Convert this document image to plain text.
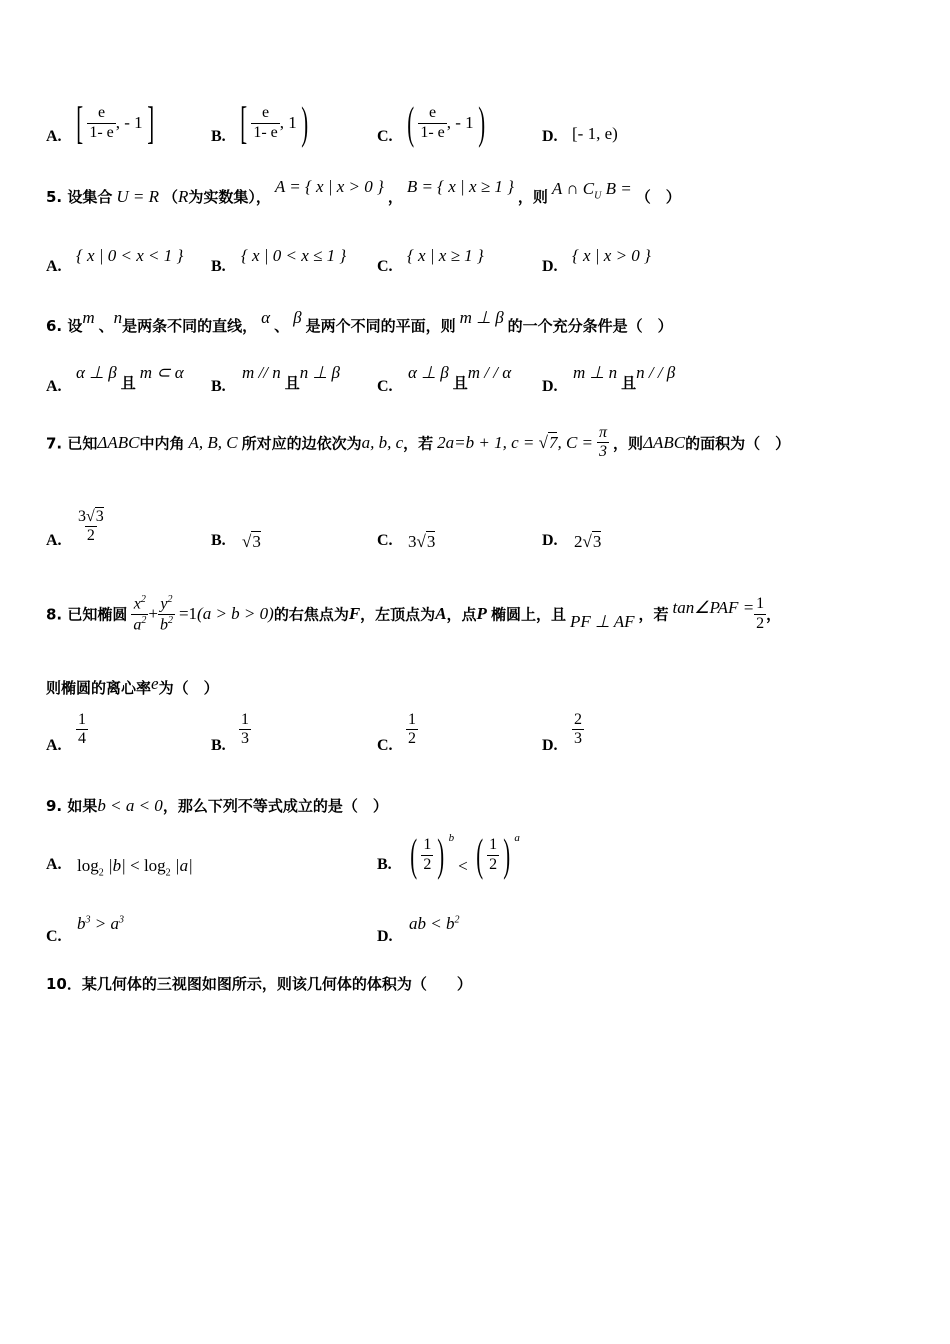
A. [ $\frac{e}{1- e}$ , - 1 ]	B. [ $\frac{e}{1- e}$ , 1 )	C. ( $\frac{e}{1- e}$ , - 1 )	D. [- 1, e)
5. 设集合 U = R （R为实数集）， A = { x | x > 0 } ， B = { x | x ≥ 1 } ，则 A ∩ $C_U$ B = （　）
A.
{ x | 0 < x < 1 }
B.
{ x | 0 < x ≤ 1 }
C.
{ x | x ≥ 1 }
D.
{ x | x > 0 }
6. 设m 、n是两条不同的直线， α 、 β 是两个不同的平面，则 m ⊥ β 的一个充分条件是（　）
A.
α ⊥ β 且 m ⊂ α
B.
m // n 且n ⊥ β
C.
α ⊥ β 且m / / α
D.
m ⊥ n 且n / / β
7. 已知ΔABC中内角 A, B, C 所对应的边依次为a, b, c，若 2a=b + 1, c = √7, $C = \frac{\pi}{3}$ ，则ΔABC的面积为（　）
A. $\frac{3√3}{2}$	B. √3	C. 3√3	D. 2√3
8. 已知椭圆 $\frac{x^2}{a^2} + \frac{y^2}{b^2} =1(a > b > 0)$的右焦点为F，左顶点为A，点P 椭圆上，且 PF ⊥ AF ，若 tan∠PAF = $\frac{1}{2}$ ，
则椭圆的离心率e为（　）
A. $\frac{1}{4}$	B. $\frac{1}{3}$	C. $\frac{1}{2}$	D. $\frac{2}{3}$
9. 如果b < a < 0，那么下列不等式成立的是（　）
A. $\log_2 |b| < \log_2 |a|$	B. ( $\frac{1}{2}$ ) $^b$ < ( $\frac{1}{2}$ ) $^a$
C.
$b^3 > a^3$
D.
ab < $b^2$
10．某几何体的三视图如图所示，则该几何体的体积为（　　）
